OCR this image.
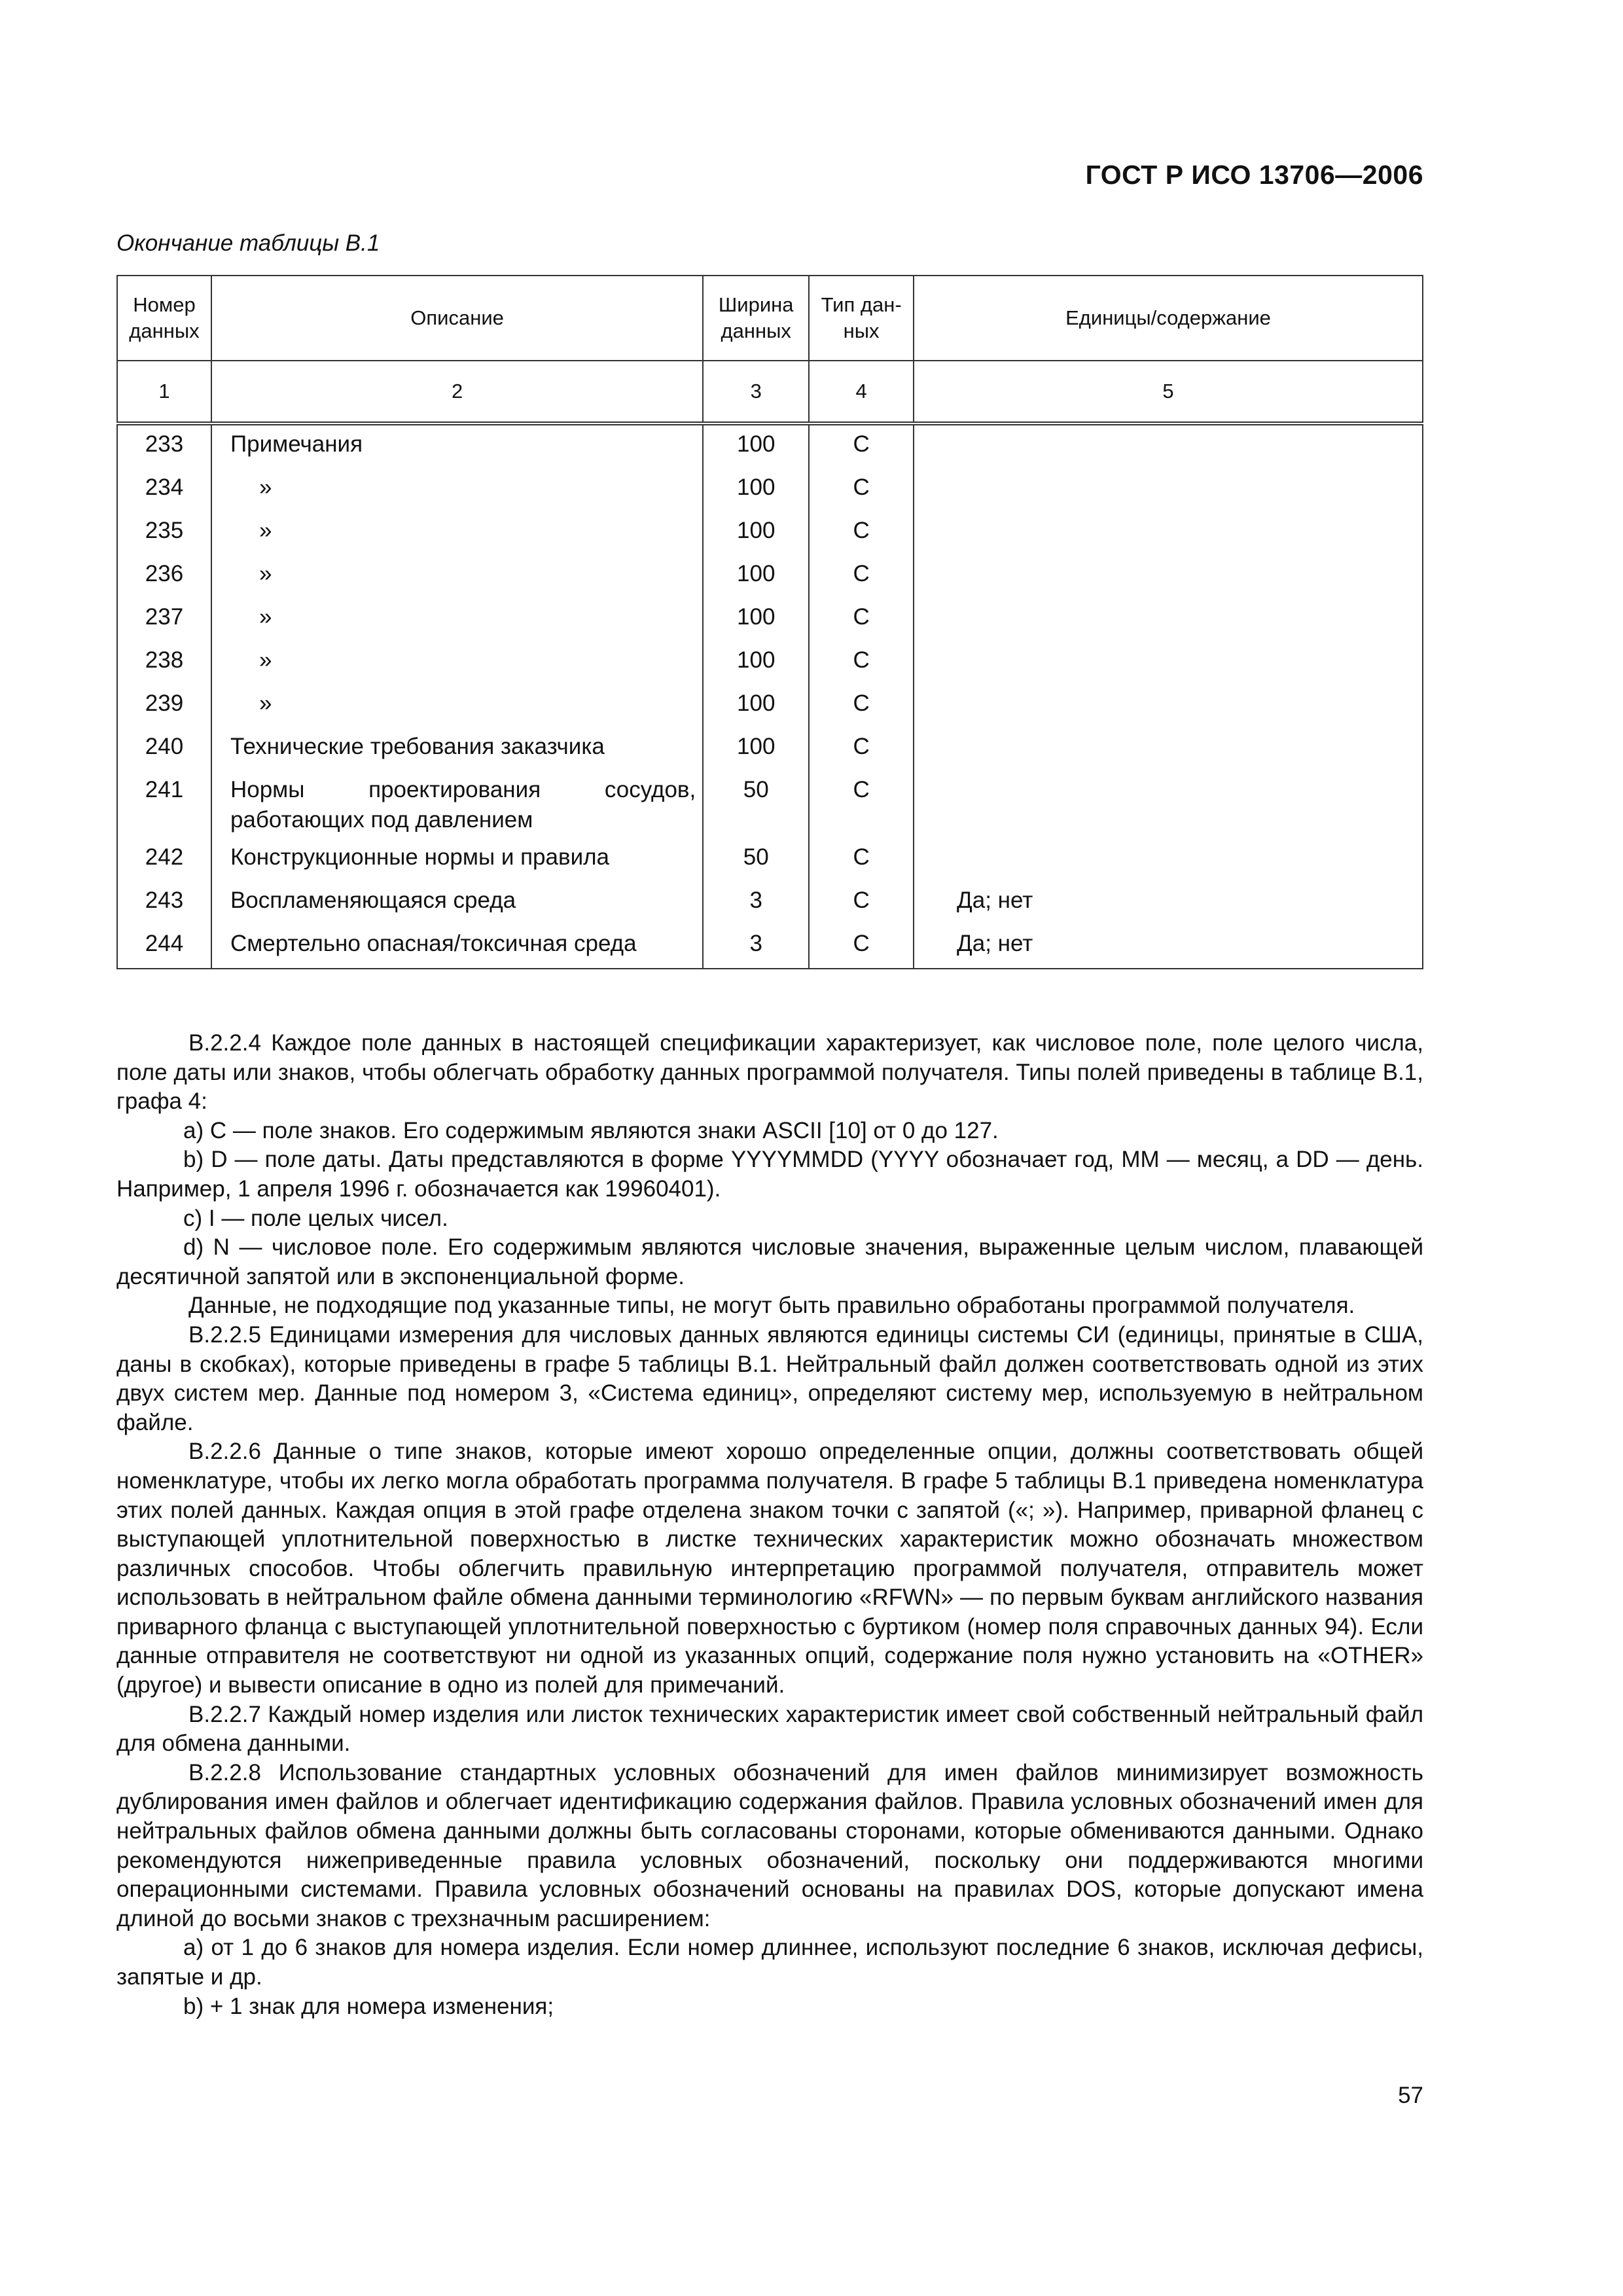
ГОСТ Р ИСО 13706—2006
Окончание таблицы В.1
Номер данных	Описание	Ширина данных	Тип дан-ных	Единицы/содержание
1	2	3	4	5
233	Примечания	100	C	
234	»	100	C	
235	»	100	C	
236	»	100	C	
237	»	100	C	
238	»	100	C	
239	»	100	C	
240	Технические требования заказчика	100	C	
241	Нормы проектирования сосудов, работающих под давлением	50	C	
242	Конструкционные нормы и правила	50	C	
243	Воспламеняющаяся среда	3	C	Да; нет
244	Смертельно опасная/токсичная среда	3	C	Да; нет

В.2.2.4 Каждое поле данных в настоящей спецификации характеризует, как числовое поле, поле целого числа, поле даты или знаков, чтобы облегчать обработку данных программой получателя. Типы полей приведены в таблице В.1, графа 4:

a) C — поле знаков. Его содержимым являются знаки ASCII [10] от 0 до 127.

b) D — поле даты. Даты представляются в форме YYYYMMDD (YYYY обозначает год, MM — месяц, а DD — день. Например, 1 апреля 1996 г. обозначается как 19960401).

c) I — поле целых чисел.

d) N — числовое поле. Его содержимым являются числовые значения, выраженные целым числом, плавающей десятичной запятой или в экспоненциальной форме.

Данные, не подходящие под указанные типы, не могут быть правильно обработаны программой получателя.

В.2.2.5 Единицами измерения для числовых данных являются единицы системы СИ (единицы, принятые в США, даны в скобках), которые приведены в графе 5 таблицы В.1. Нейтральный файл должен соответствовать одной из этих двух систем мер. Данные под номером 3, «Система единиц», определяют систему мер, используемую в нейтральном файле.

В.2.2.6 Данные о типе знаков, которые имеют хорошо определенные опции, должны соответствовать общей номенклатуре, чтобы их легко могла обработать программа получателя. В графе 5 таблицы В.1 приведена номенклатура этих полей данных. Каждая опция в этой графе отделена знаком точки с запятой («; »). Например, приварной фланец с выступающей уплотнительной поверхностью в листке технических характеристик можно обозначать множеством различных способов. Чтобы облегчить правильную интерпретацию программой получателя, отправитель может использовать в нейтральном файле обмена данными терминологию «RFWN» — по первым буквам английского названия приварного фланца с выступающей уплотнительной поверхностью с буртиком (номер поля справочных данных 94). Если данные отправителя не соответствуют ни одной из указанных опций, содержание поля нужно установить на «OTHER» (другое) и вывести описание в одно из полей для примечаний.

В.2.2.7 Каждый номер изделия или листок технических характеристик имеет свой собственный нейтральный файл для обмена данными.

В.2.2.8 Использование стандартных условных обозначений для имен файлов минимизирует возможность дублирования имен файлов и облегчает идентификацию содержания файлов. Правила условных обозначений имен для нейтральных файлов обмена данными должны быть согласованы сторонами, которые обмениваются данными. Однако рекомендуются нижеприведенные правила условных обозначений, поскольку они поддерживаются многими операционными системами. Правила условных обозначений основаны на правилах DOS, которые допускают имена длиной до восьми знаков с трехзначным расширением:

a) от 1 до 6 знаков для номера изделия. Если номер длиннее, используют последние 6 знаков, исключая дефисы, запятые и др.

b) + 1 знак для номера изменения;

57
